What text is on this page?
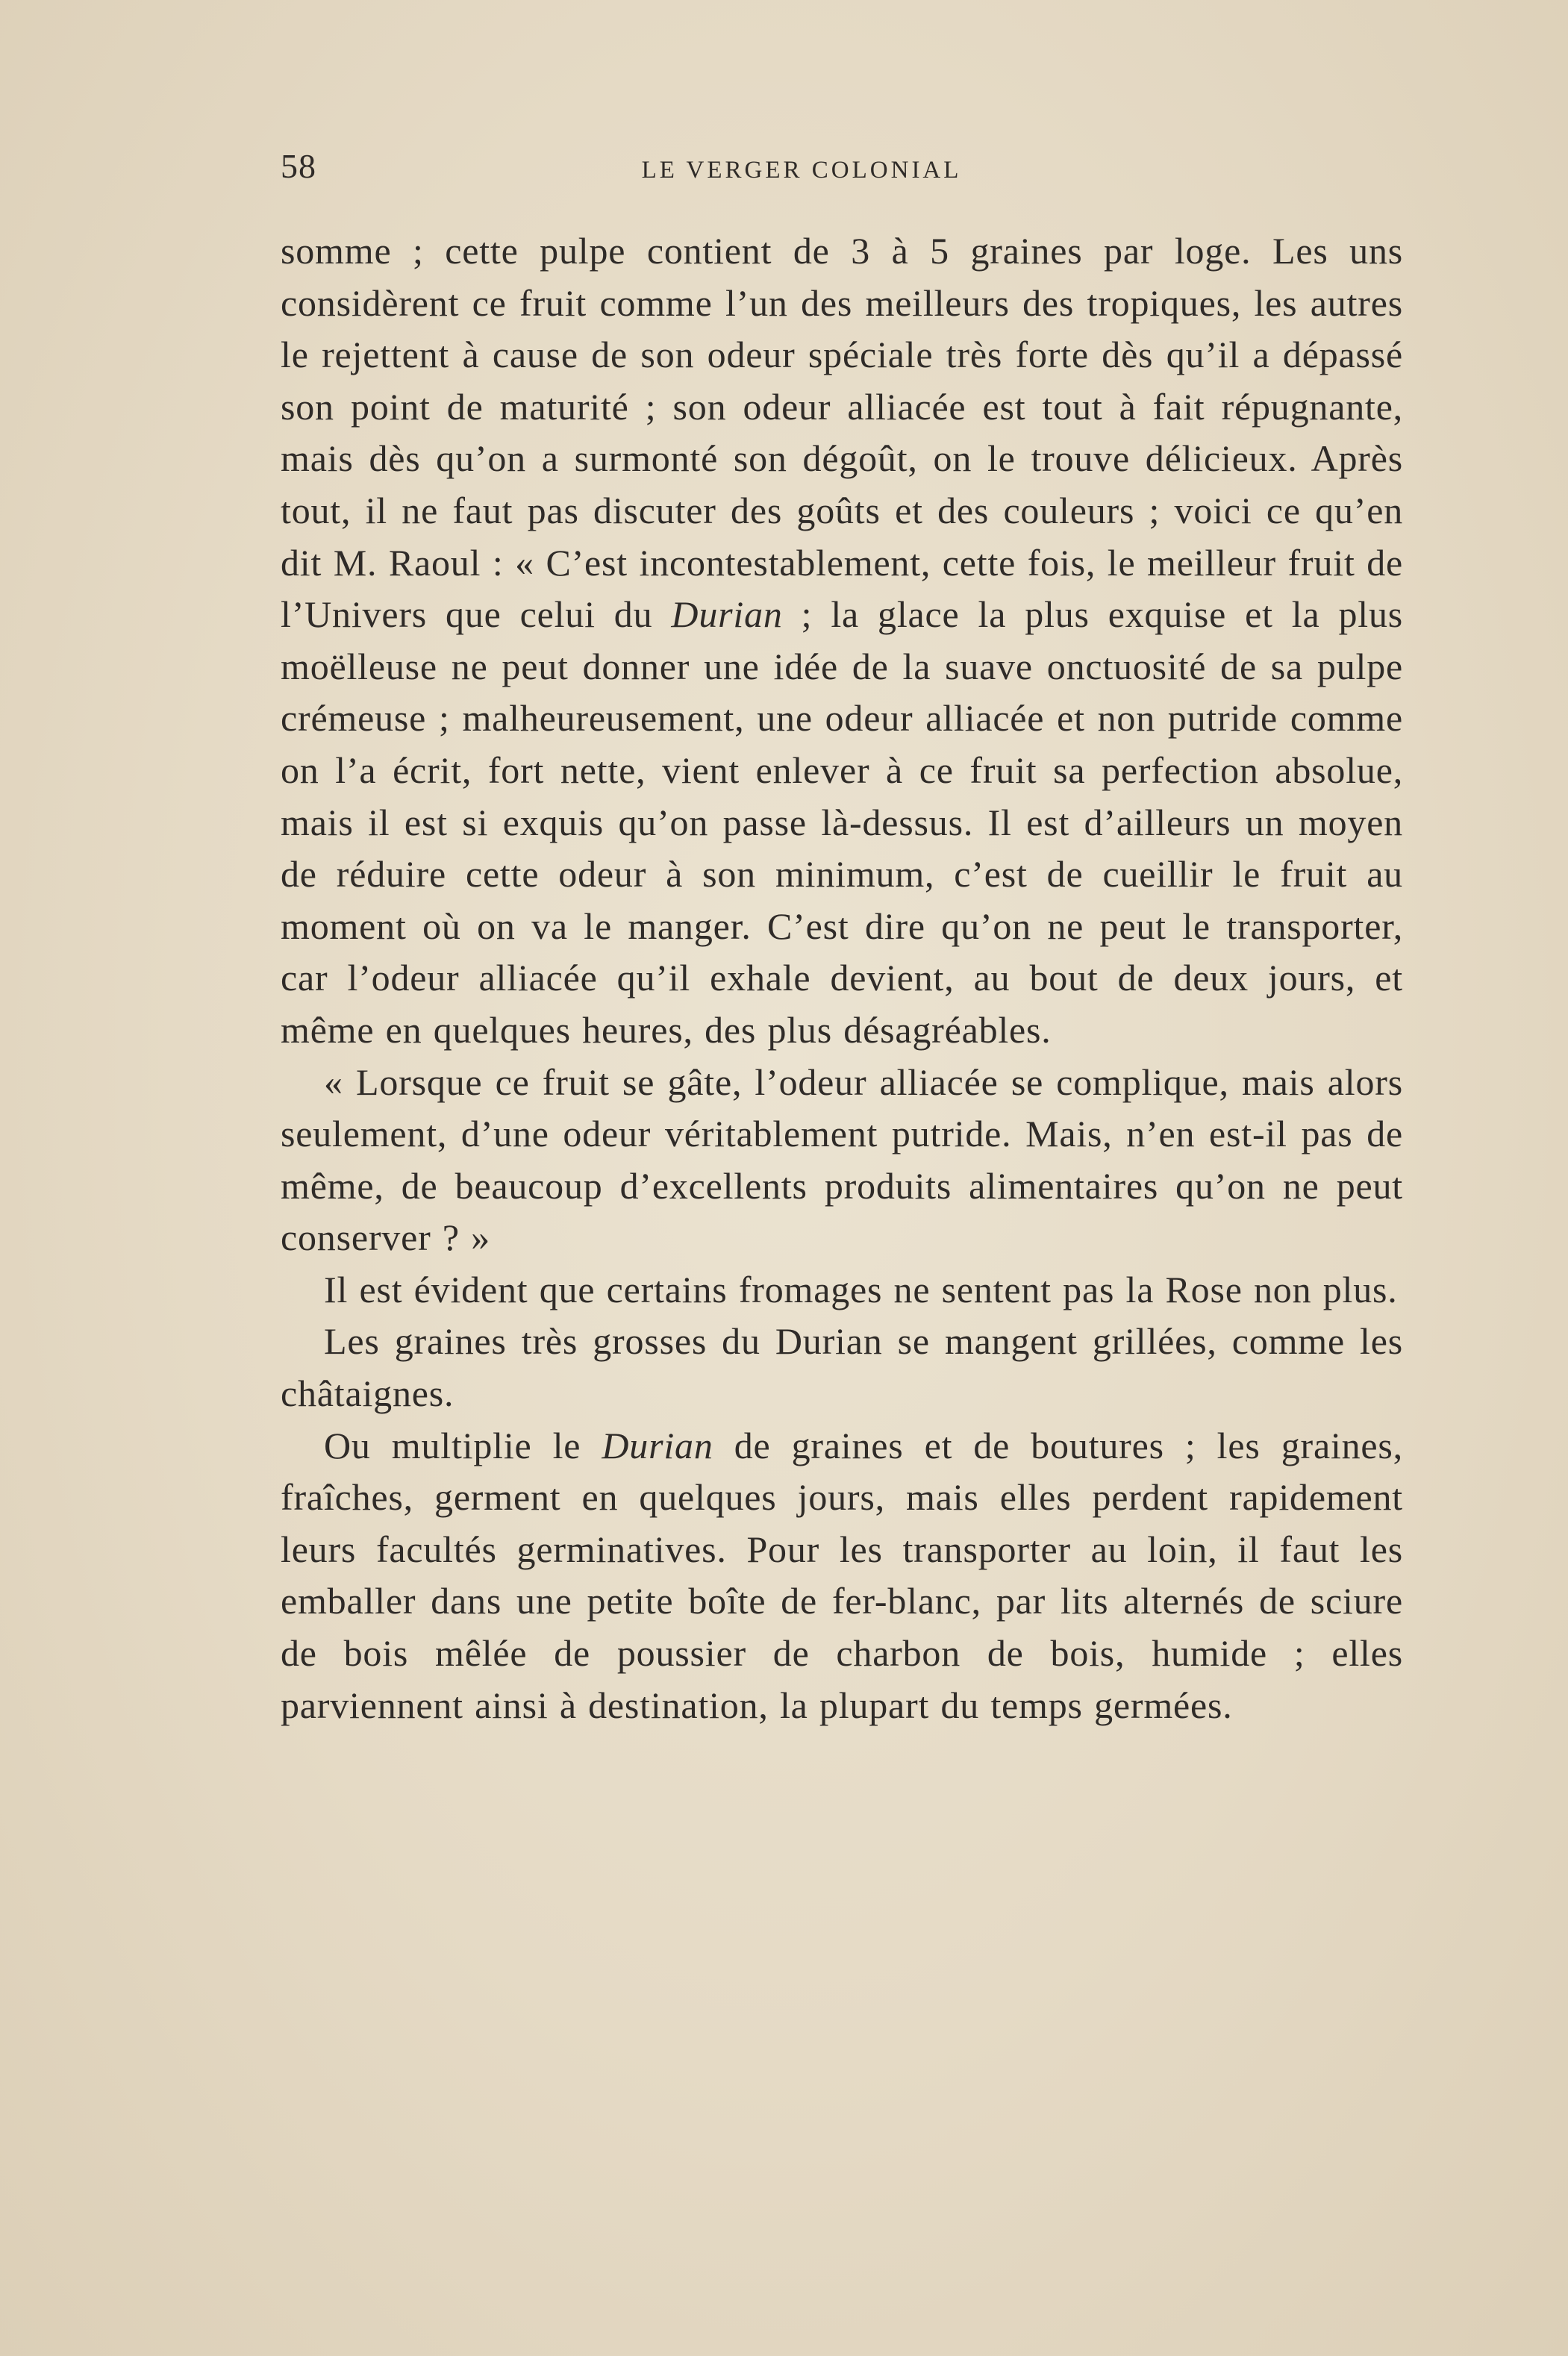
58	LE VERGER COLONIAL

somme ; cette pulpe contient de 3 à 5 graines par loge. Les uns considèrent ce fruit comme l’un des meilleurs des tropiques, les autres le rejettent à cause de son odeur spéciale très forte dès qu’il a dépassé son point de maturité ; son odeur alliacée est tout à fait répugnante, mais dès qu’on a surmonté son dégoût, on le trouve délicieux. Après tout, il ne faut pas discuter des goûts et des couleurs ; voici ce qu’en dit M. Raoul : « C’est incontestablement, cette fois, le meilleur fruit de l’Univers que celui du Durian ; la glace la plus exquise et la plus moëlleuse ne peut donner une idée de la suave onctuosité de sa pulpe crémeuse ; malheureusement, une odeur alliacée et non putride comme on l’a écrit, fort nette, vient enlever à ce fruit sa perfection absolue, mais il est si exquis qu’on passe là-dessus. Il est d’ailleurs un moyen de réduire cette odeur à son minimum, c’est de cueillir le fruit au moment où on va le manger. C’est dire qu’on ne peut le transporter, car l’odeur alliacée qu’il exhale devient, au bout de deux jours, et même en quelques heures, des plus désagréables.

« Lorsque ce fruit se gâte, l’odeur alliacée se complique, mais alors seulement, d’une odeur véritablement putride. Mais, n’en est-il pas de même, de beaucoup d’excellents produits alimentaires qu’on ne peut conserver ? »

Il est évident que certains fromages ne sentent pas la Rose non plus.

Les graines très grosses du Durian se mangent grillées, comme les châtaignes.

Ou multiplie le Durian de graines et de boutures ; les graines, fraîches, germent en quelques jours, mais elles perdent rapidement leurs facultés germinatives. Pour les transporter au loin, il faut les emballer dans une petite boîte de fer-blanc, par lits alternés de sciure de bois mêlée de poussier de charbon de bois, humide ; elles parviennent ainsi à destination, la plupart du temps germées.
